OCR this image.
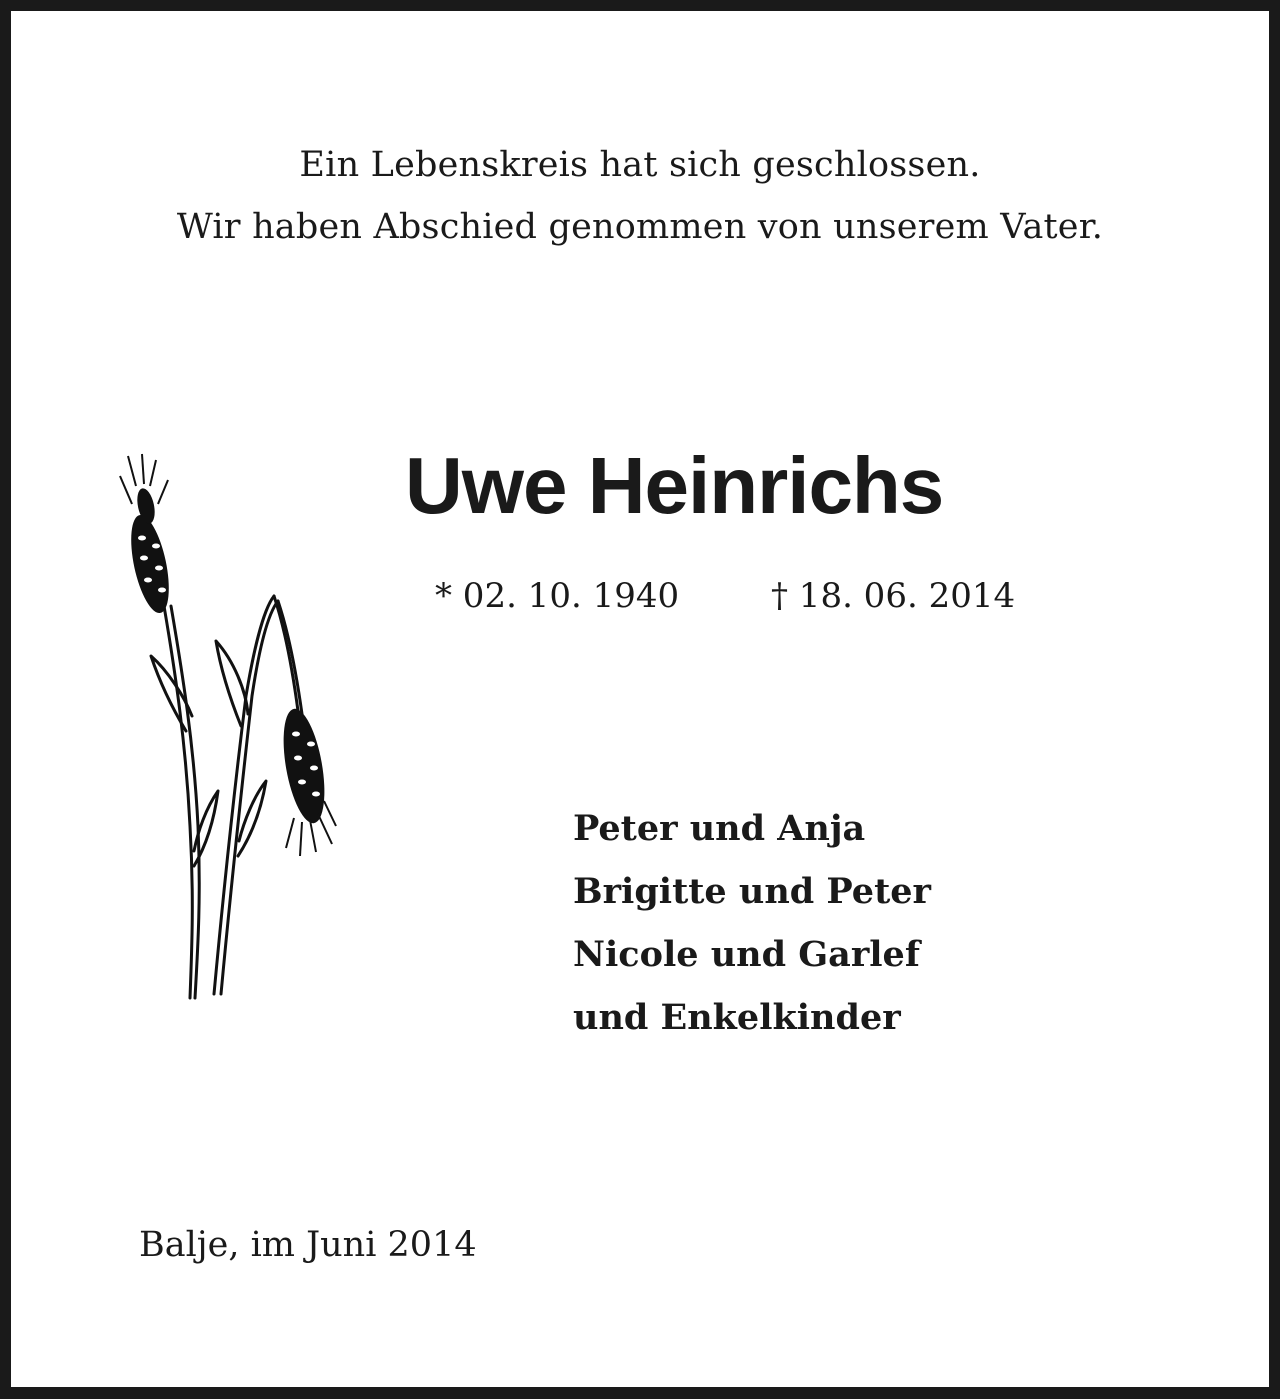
Ein Lebenskreis hat sich geschlossen.
Wir haben Abschied genommen von unserem Vater.
Uwe Heinrichs
* 02. 10. 1940	† 18. 06. 2014
Peter und Anja
Brigitte und Peter
Nicole und Garlef
und Enkelkinder
Balje, im Juni 2014
